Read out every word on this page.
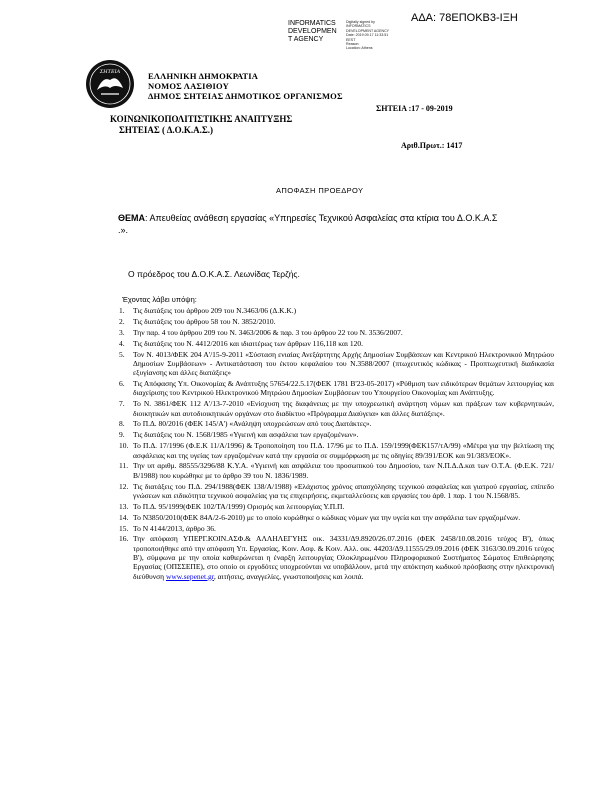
ΑΔΑ: 78ΕΠΟΚΒ3-ΙΞΗ
INFORMATICS
DEVELOPMEN
T AGENCY
Digitally signed by
INFORMATICS
DEVELOPMENT AGENCY
Date: 2019.09.17 11:33:51
EEST
Reason:
Location: Athens
ΣΗΤΕΙΑ	ΕΛΛΗΝΙΚΗ ΔΗΜΟΚΡΑΤΙΑ
ΝΟΜΟΣ ΛΑΣΙΘΙΟΥ
ΔΗΜΟΣ ΣΗΤΕΙΑΣ ΔΗΜΟΤΙΚΟΣ ΟΡΓΑΝΙΣΜΟΣ
ΣΗΤΕΙΑ :17 - 09-2019
ΚΟΙΝΩΝΙΚΟΠΟΛΙΤΙΣΤΙΚΗΣ ΑΝΑΠΤΥΞΗΣ
ΣΗΤΕΙΑΣ ( Δ.Ο.Κ.Α.Σ.)
Αριθ.Πρωτ.: 1417
ΑΠΟΦΑΣΗ ΠΡΟΕΔΡΟΥ
ΘΕΜΑ: Απευθείας ανάθεση εργασίας «Υπηρεσίες Τεχνικού Ασφαλείας στα κτίρια του Δ.Ο.Κ.Α.Σ .».
Ο πρόεδρος του Δ.Ο.Κ.Α.Σ. Λεωνίδας Τερζής.
Έχοντας λάβει υπόψη:
1. Τις διατάξεις του άρθρου 209 του Ν.3463/06 (Δ.Κ.Κ.)
2. Τις διατάξεις του άρθρου 58 του Ν. 3852/2010.
3. Την παρ. 4 του άρθρου 209 του Ν. 3463/2006 & παρ. 3 του άρθρου 22 του Ν. 3536/2007.
4. Τις διατάξεις του Ν. 4412/2016 και ιδιαιτέρως των άρθρων 116,118 και 120.
5. Τον Ν. 4013/ΦΕΚ 204 Α'/15-9-2011 «Σύσταση ενιαίας Ανεξάρτητης Αρχής Δημοσίων Συμβάσεων και Κεντρικού Ηλεκτρονικού Μητρώου Δημοσίων Συμβάσεων» - Αντικατάσταση του έκτου κεφαλαίου του Ν.3588/2007 (πτωχευτικός κώδικας - Προπτωχευτική διαδικασία εξυγίανσης και άλλες διατάξεις»
6. Τις Απόφασης Υπ. Οικονομίας & Ανάπτυξης 57654/22.5.17(ΦΕΚ 1781 Β'23-05-2017) «Ρύθμιση των ειδικότερων θεμάτων λειτουργίας και διαχείρισης του Κεντρικού Ηλεκτρονικού Μητρώου Δημοσίων Συμβάσεων του Υπουργείου Οικονομίας και Ανάπτυξης.
7. Το Ν. 3861/ΦΕΚ 112 Α'/13-7-2010 «Ενίσχυση της διαφάνειας με την υποχρεωτική ανάρτηση νόμων και πράξεων των κυβερνητικών, διοικητικών και αυτοδιοικητικών οργάνων στο διαδίκτυο «Πρόγραμμα Διαύγεια» και άλλες διατάξεις».
8. Το Π.Δ. 80/2016 (ΦΕΚ 145/Α') «Ανάληψη υποχρεώσεων από τους Διατάκτες».
9. Τις διατάξεις του Ν. 1568/1985 «Υγιεινή και ασφάλεια των εργαζομένων».
10. Το Π.Δ. 17/1996 (Φ.Ε.Κ 11/Α/1996) & Τροποποίηση του Π.Δ. 17/96 με το Π.Δ. 159/1999(ΦΕΚ157/τΑ/99) «Μέτρα για την βελτίωση της ασφάλειας και της υγείας των εργαζομένων κατά την εργασία σε συμμόρφωση με τις οδηγίες 89/391/ΕΟΚ και 91/383/ΕΟΚ».
11. Την υπ αριθμ. 88555/3296/88 Κ.Υ.Α. «Υγιεινή και ασφάλεια του προσωπικού του Δημοσίου, των Ν.Π.Δ.Δ.και των Ο.Τ.Α. (Φ.Ε.Κ. 721/Β/1988) που κυρώθηκε με το άρθρο 39 του Ν. 1836/1989.
12. Τις διατάξεις του Π.Δ. 294/1988(ΦΕΚ 138/Α/1988) «Ελάχιστος χρόνος απασχόλησης τεχνικού ασφαλείας και γιατρού εργασίας, επίπεδο γνώσεων και ειδικότητα τεχνικού ασφαλείας για τις επιχειρήσεις, εκμεταλλεύσεις και εργασίες του άρθ. 1 παρ. 1 του Ν.1568/85.
13. Το Π.Δ. 95/1999(ΦΕΚ 102/ΤΑ/1999) Ορισμός και λειτουργίας Υ.Π.Π.
14. Το Ν3850/2010(ΦΕΚ 84Α/2-6-2010) με το οποίο κυρώθηκε ο κώδικας νόμων για την υγεία και την ασφάλεια των εργαζομένων.
15. Το Ν 4144/2013, άρθρο 36.
16. Την απόφαση ΥΠΕΡΓ.ΚΟΙΝ.ΑΣΦ.& ΑΛΛΗΛΕΓΥΗΣ οικ. 34331/Δ9.8920/26.07.2016 (ΦΕΚ 2458/10.08.2016 τεύχος Β'), όπως τροποποιήθηκε από την απόφαση Υπ. Εργασίας, Κοιν. Ασφ. & Κοιν. Αλλ. οικ. 44203/Δ9.11555/29.09.2016 (ΦΕΚ 3163/30.09.2016 τεύχος Β'), σύμφωνα με την οποία καθιερώνεται η έναρξη λειτουργίας Ολοκληρωμένου Πληροφοριακού Συστήματος Σώματος Επιθεώρησης Εργασίας (ΟΠΣΣΕΠΕ), στο οποίο οι εργοδότες υποχρεούνται να υποβάλλουν, μετά την απόκτηση κωδικού πρόσβασης στην ηλεκτρονική διεύθυνση www.sepenet.gr, αιτήσεις, αναγγελίες, γνωστοποιήσεις και λοιπά.
